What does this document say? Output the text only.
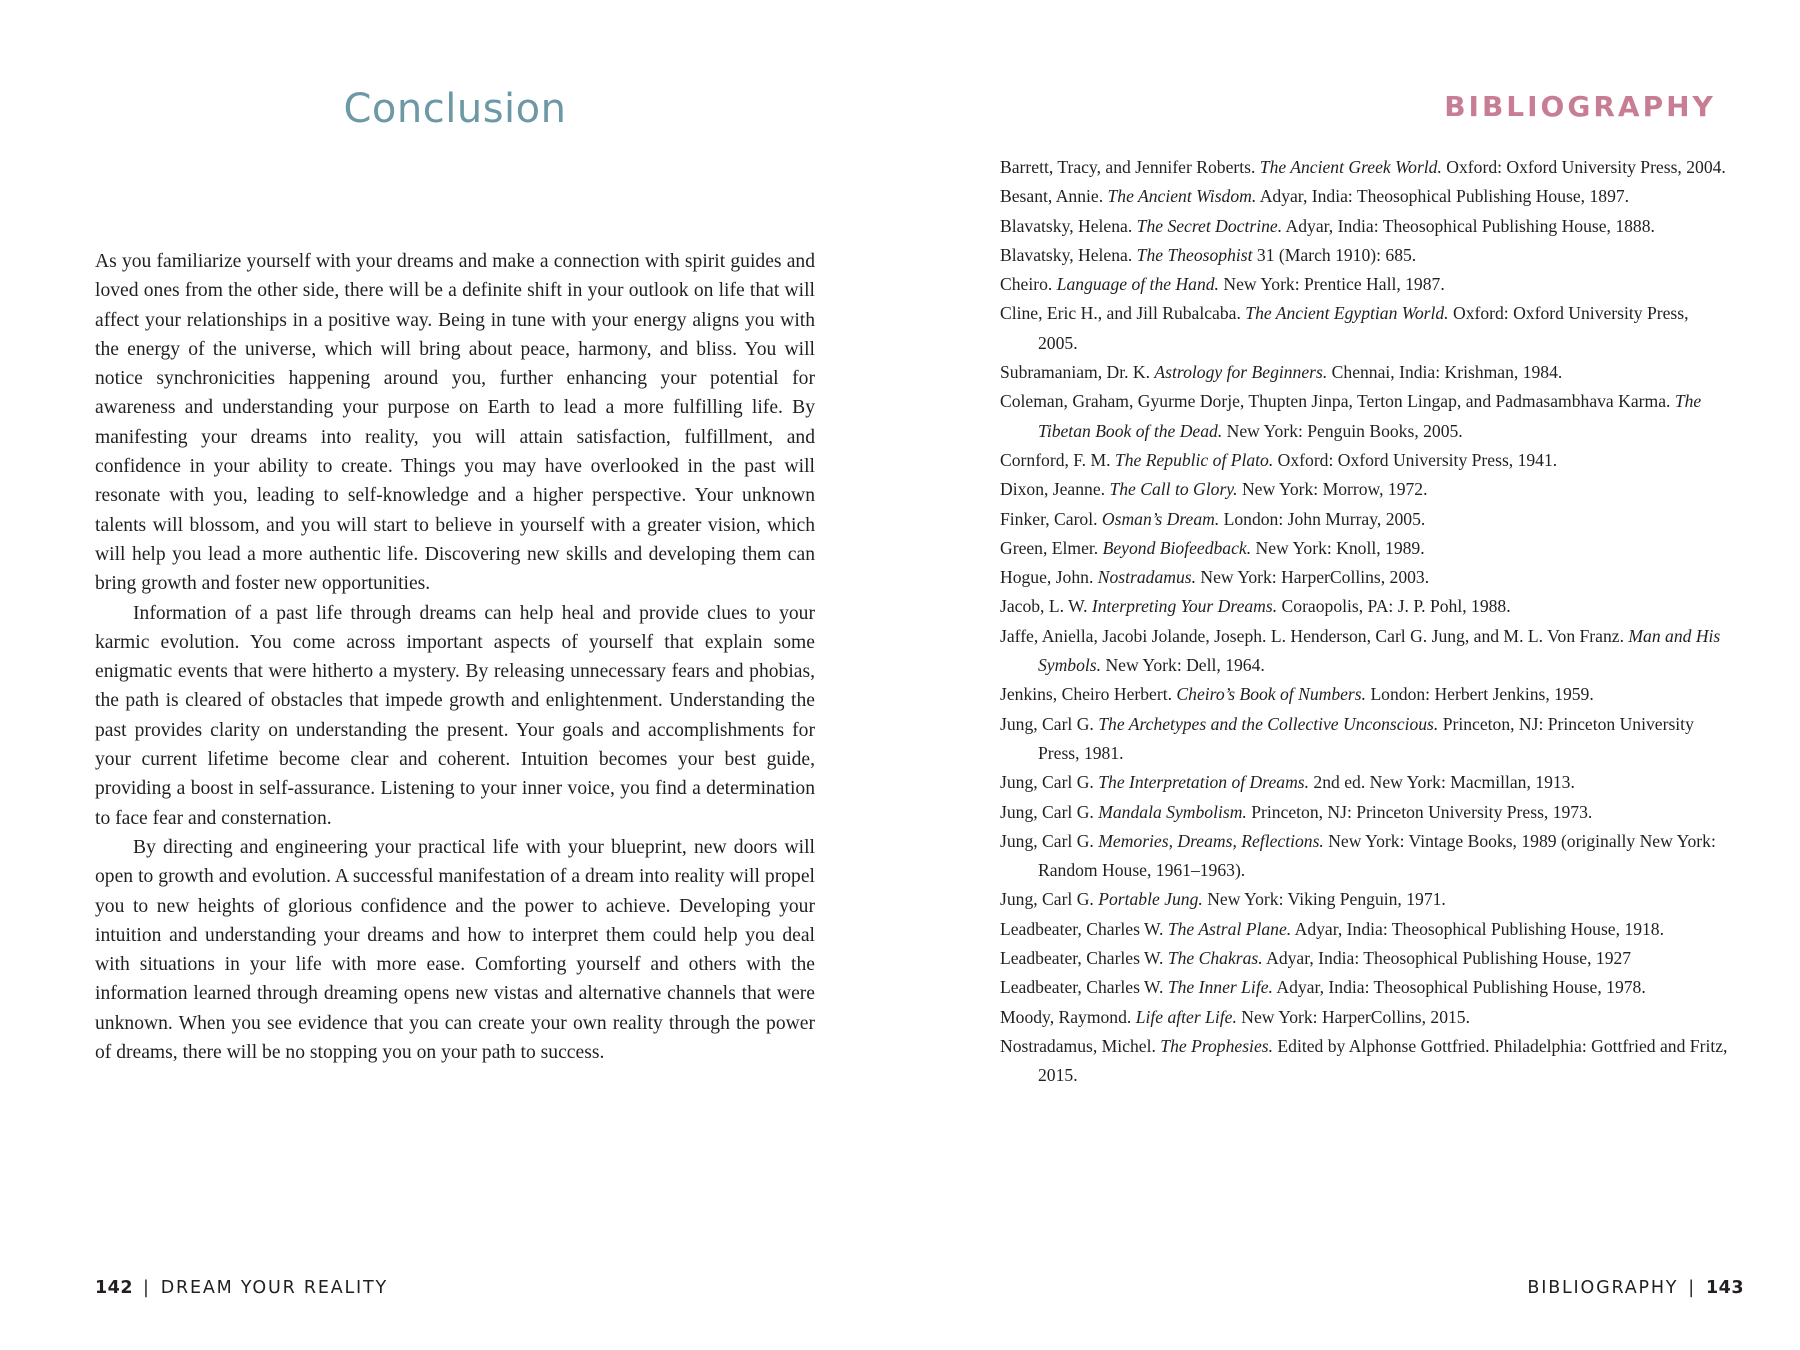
Conclusion

As you familiarize yourself with your dreams and make a connection with spirit guides and loved ones from the other side, there will be a definite shift in your outlook on life that will affect your relationships in a positive way. Being in tune with your energy aligns you with the energy of the universe, which will bring about peace, harmony, and bliss. You will notice synchronicities happening around you, further enhancing your potential for awareness and understanding your purpose on Earth to lead a more fulfilling life. By manifesting your dreams into reality, you will attain satisfaction, fulfillment, and confidence in your ability to create. Things you may have overlooked in the past will resonate with you, leading to self-knowledge and a higher perspective. Your unknown talents will blossom, and you will start to believe in yourself with a greater vision, which will help you lead a more authentic life. Discovering new skills and developing them can bring growth and foster new opportunities.

Information of a past life through dreams can help heal and provide clues to your karmic evolution. You come across important aspects of yourself that explain some enigmatic events that were hitherto a mystery. By releasing unnecessary fears and phobias, the path is cleared of obstacles that impede growth and enlightenment. Understanding the past provides clarity on understanding the present. Your goals and accomplishments for your current lifetime become clear and coherent. Intuition becomes your best guide, providing a boost in self-assurance. Listening to your inner voice, you find a determination to face fear and consternation.

By directing and engineering your practical life with your blueprint, new doors will open to growth and evolution. A successful manifestation of a dream into reality will propel you to new heights of glorious confidence and the power to achieve. Developing your intuition and understanding your dreams and how to interpret them could help you deal with situations in your life with more ease. Comforting yourself and others with the information learned through dreaming opens new vistas and alternative channels that were unknown. When you see evidence that you can create your own reality through the power of dreams, there will be no stopping you on your path to success.

142 | DREAM YOUR REALITY
BIBLIOGRAPHY
Barrett, Tracy, and Jennifer Roberts. The Ancient Greek World. Oxford: Oxford University Press, 2004.
Besant, Annie. The Ancient Wisdom. Adyar, India: Theosophical Publishing House, 1897.
Blavatsky, Helena. The Secret Doctrine. Adyar, India: Theosophical Publishing House, 1888.
Blavatsky, Helena. The Theosophist 31 (March 1910): 685.
Cheiro. Language of the Hand. New York: Prentice Hall, 1987.
Cline, Eric H., and Jill Rubalcaba. The Ancient Egyptian World. Oxford: Oxford University Press, 2005.
Subramaniam, Dr. K. Astrology for Beginners. Chennai, India: Krishman, 1984.
Coleman, Graham, Gyurme Dorje, Thupten Jinpa, Terton Lingap, and Padmasambhava Karma. The Tibetan Book of the Dead. New York: Penguin Books, 2005.
Cornford, F. M. The Republic of Plato. Oxford: Oxford University Press, 1941.
Dixon, Jeanne. The Call to Glory. New York: Morrow, 1972.
Finker, Carol. Osman’s Dream. London: John Murray, 2005.
Green, Elmer. Beyond Biofeedback. New York: Knoll, 1989.
Hogue, John. Nostradamus. New York: HarperCollins, 2003.
Jacob, L. W. Interpreting Your Dreams. Coraopolis, PA: J. P. Pohl, 1988.
Jaffe, Aniella, Jacobi Jolande, Joseph. L. Henderson, Carl G. Jung, and M. L. Von Franz. Man and His Symbols. New York: Dell, 1964.
Jenkins, Cheiro Herbert. Cheiro’s Book of Numbers. London: Herbert Jenkins, 1959.
Jung, Carl G. The Archetypes and the Collective Unconscious. Princeton, NJ: Princeton University Press, 1981.
Jung, Carl G. The Interpretation of Dreams. 2nd ed. New York: Macmillan, 1913.
Jung, Carl G. Mandala Symbolism. Princeton, NJ: Princeton University Press, 1973.
Jung, Carl G. Memories, Dreams, Reflections. New York: Vintage Books, 1989 (originally New York: Random House, 1961–1963).
Jung, Carl G. Portable Jung. New York: Viking Penguin, 1971.
Leadbeater, Charles W. The Astral Plane. Adyar, India: Theosophical Publishing House, 1918.
Leadbeater, Charles W. The Chakras. Adyar, India: Theosophical Publishing House, 1927
Leadbeater, Charles W. The Inner Life. Adyar, India: Theosophical Publishing House, 1978.
Moody, Raymond. Life after Life. New York: HarperCollins, 2015.
Nostradamus, Michel. The Prophesies. Edited by Alphonse Gottfried. Philadelphia: Gottfried and Fritz, 2015.
BIBLIOGRAPHY | 143
